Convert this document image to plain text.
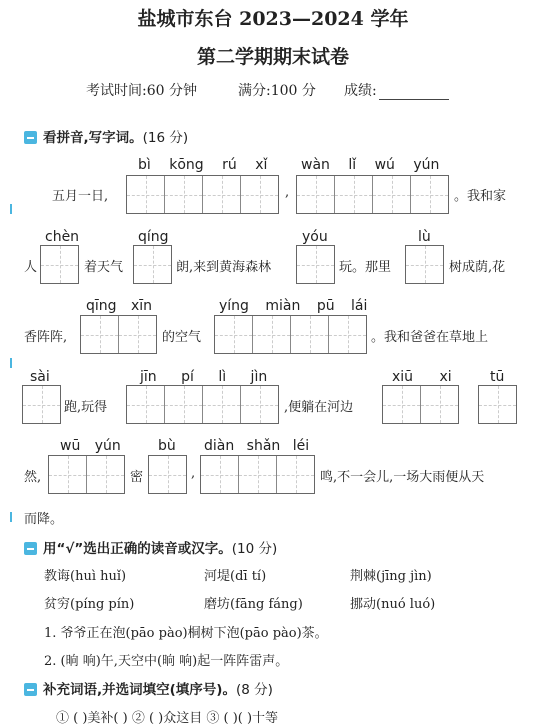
盐城市东台 2023—2024 学年
第二学期期末试卷
考试时间:60 分钟	满分:100 分 成绩:
看拼音,写字词。(16 分)
bì kōng rú xǐ wàn lǐ wú yún
五月一日,	,	。我和家
chèn	qíng	yóu	lù
人	着天气	朗,来到黄海森林	玩。那里	树成荫,花
qīng xīn	yíng miàn pū lái
香阵阵,	的空气	。我和爸爸在草地上
sài	jīn pí lì jìn	xiū xi	tū
跑,玩得	,便躺在河边
wū yún	bù diàn shǎn léi
然,	密	,	鸣,不一会儿,一场大雨便从天
而降。
用“√”选出正确的读音或汉字。(10 分)
教诲(huì huǐ)	河堤(dī tí)	荆棘(jīng jìn)
贫穷(píng pín)	磨坊(fāng fáng)	挪动(nuó luó)
1. 爷爷正在泡(pāo pào)桐树下泡(pāo pào)茶。
2. (晌 响)午,天空中(晌 响)起一阵阵雷声。
补充词语,并选词填空(填序号)。(8 分)
① ( )美补( ) ② ( )众这目 ③ ( )( )十等
